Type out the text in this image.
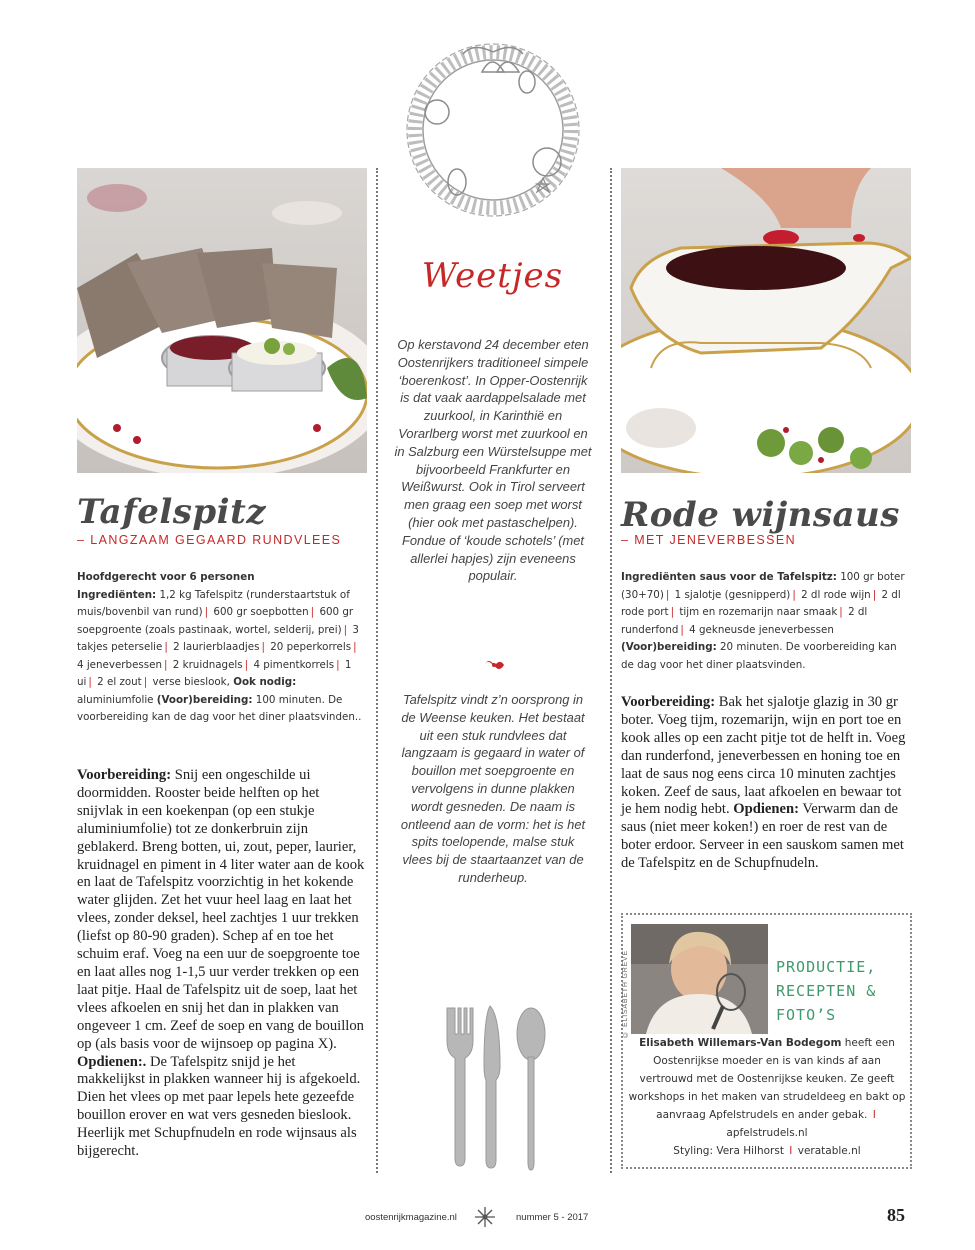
Tafelspitz
– LANGZAAM GEGAARD RUNDVLEES
Hoofdgerecht voor 6 personen
Ingrediënten: 1,2 kg Tafelspitz (runderstaartstuk of muis/bovenbil van rund) | 600 gr soepbotten | 600 gr soepgroente (zoals pastinaak, wortel, selderij, prei) | 3 takjes peterselie | 2 laurierblaadjes | 20 peperkorrels | 4 jeneverbessen | 2 kruidnagels | 4 pimentkorrels | 1 ui | 2 el zout | verse bieslook, Ook nodig: aluminiumfolie (Voor)bereiding: 100 minuten. De voorbereiding kan de dag voor het diner plaatsvinden..
Voorbereiding: Snij een ongeschilde ui doormidden. Rooster beide helften op het snijvlak in een koekenpan (op een stukje aluminiumfolie) tot ze donkerbruin zijn geblakerd. Breng botten, ui, zout, peper, laurier, kruidnagel en piment in 4 liter water aan de kook en laat de Tafelspitz voorzichtig in het kokende water glijden. Zet het vuur heel laag en laat het vlees, zonder deksel, heel zachtjes 1 uur trekken (liefst op 80-90 graden). Schep af en toe het schuim eraf. Voeg na een uur de soepgroente toe en laat alles nog 1-1,5 uur verder trekken op een laat pitje. Haal de Tafelspitz uit de soep, laat het vlees afkoelen en snij het dan in plakken van ongeveer 1 cm. Zeef de soep en vang de bouillon op (als basis voor de wijnsoep op pagina X).
Opdienen:. De Tafelspitz snijd je het makkelijkst in plakken wanneer hij is afgekoeld. Dien het vlees op met paar lepels hete gezeefde bouillon erover en wat vers gesneden bieslook. Heerlijk met Schupfnudeln en rode wijnsaus als bijgerecht.
Weetjes
Op kerstavond 24 december eten Oostenrijkers traditioneel simpele ‘boerenkost’. In Opper-Oostenrijk is dat vaak aardappelsalade met zuurkool, in Karinthië en Vorarlberg worst met zuurkool en in Salzburg een Würstelsuppe met bijvoorbeeld Frankfurter en Weißwurst. Ook in Tirol serveert men graag een soep met worst (hier ook met pastaschelpen). Fondue of ‘koude schotels’ (met allerlei hapjes) zijn eveneens populair.
Tafelspitz vindt z’n oorsprong in de Weense keuken. Het bestaat uit een stuk rundvlees dat langzaam is gegaard in water of bouillon met soepgroente en vervolgens in dunne plakken wordt gesneden. De naam is ontleend aan de vorm: het is het spits toelopende, malse stuk vlees bij de staartaanzet van de runderheup.
Rode wijnsaus
– MET JENEVERBESSEN
Ingrediënten saus voor de Tafelspitz: 100 gr boter (30+70) | 1 sjalotje (gesnipperd) | 2 dl rode wijn | 2 dl rode port | tijm en rozemarijn naar smaak | 2 dl runderfond | 4 gekneusde jeneverbessen (Voor)bereiding: 20 minuten. De voorbereiding kan de dag voor het diner plaatsvinden.
Voorbereiding: Bak het sjalotje glazig in 30 gr boter. Voeg tijm, rozemarijn, wijn en port toe en kook alles op een zacht pitje tot de helft in. Voeg dan runderfond, jeneverbessen en honing toe en laat de saus nog eens circa 10 minuten zachtjes koken. Zeef de saus, laat afkoelen en bewaar tot je hem nodig hebt. Opdienen: Verwarm dan de saus (niet meer koken!) en roer de rest van de boter erdoor. Serveer in een sauskom samen met de Tafelspitz en de Schupfnudeln.
© ELISABETH GREVE	PRODUCTIE,
RECEPTEN &
FOTO’S
Elisabeth Willemars-Van Bodegom heeft een Oostenrijkse moeder en is van kinds af aan vertrouwd met de Oostenrijkse keuken. Ze geeft workshops in het maken van strudeldeeg en bakt op aanvraag Apfelstrudels en ander gebak. I apfelstrudels.nl
Styling: Vera Hilhorst I veratable.nl
oostenrijkmagazine.nl	nummer 5 - 2017	85
